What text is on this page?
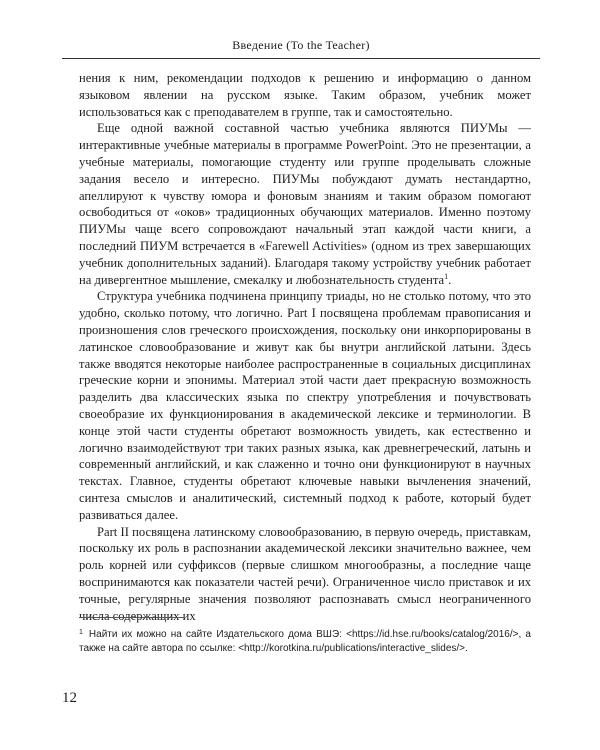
Введение (To the Teacher)

нения к ним, рекомендации подходов к решению и информацию о данном языковом явлении на русском языке. Таким образом, учебник может использоваться как с преподавателем в группе, так и самостоятельно.

Еще одной важной составной частью учебника являются ПИУМы — интерактивные учебные материалы в программе PowerPoint. Это не презентации, а учебные материалы, помогающие студенту или группе проделывать сложные задания весело и интересно. ПИУМы побуждают думать нестандартно, апеллируют к чувству юмора и фоновым знаниям и таким образом помогают освободиться от «оков» традиционных обучающих материалов. Именно поэтому ПИУМы чаще всего сопровождают начальный этап каждой части книги, а последний ПИУМ встречается в «Farewell Activities» (одном из трех завершающих учебник дополнительных заданий). Благодаря такому устройству учебник работает на дивергентное мышление, смекалку и любознательность студента$^1$.

Структура учебника подчинена принципу триады, но не столько потому, что это удобно, сколько потому, что логично. Part I посвящена проблемам правописания и произношения слов греческого происхождения, поскольку они инкорпорированы в латинское словообразование и живут как бы внутри английской латыни. Здесь также вводятся некоторые наиболее распространенные в социальных дисциплинах греческие корни и эпонимы. Материал этой части дает прекрасную возможность разделить два классических языка по спектру употребления и почувствовать своеобразие их функционирования в академической лексике и терминологии. В конце этой части студенты обретают возможность увидеть, как естественно и логично взаимодействуют три таких разных языка, как древнегреческий, латынь и современный английский, и как слаженно и точно они функционируют в научных текстах. Главное, студенты обретают ключевые навыки вычленения значений, синтеза смыслов и аналитический, системный подход к работе, который будет развиваться далее.

Part II посвящена латинскому словообразованию, в первую очередь, приставкам, поскольку их роль в распознании академической лексики значительно важнее, чем роль корней или суффиксов (первые слишком многообразны, а последние чаще воспринимаются как показатели частей речи). Ограниченное число приставок и их точные, регулярные значения позволяют распознавать смысл неограниченного числа содержащих их

$^1$ Найти их можно на сайте Издательского дома ВШЭ: <https://id.hse.ru/books/catalog/2016/>, а также на сайте автора по ссылке: <http://korotkina.ru/publications/interactive_slides/>.
12
